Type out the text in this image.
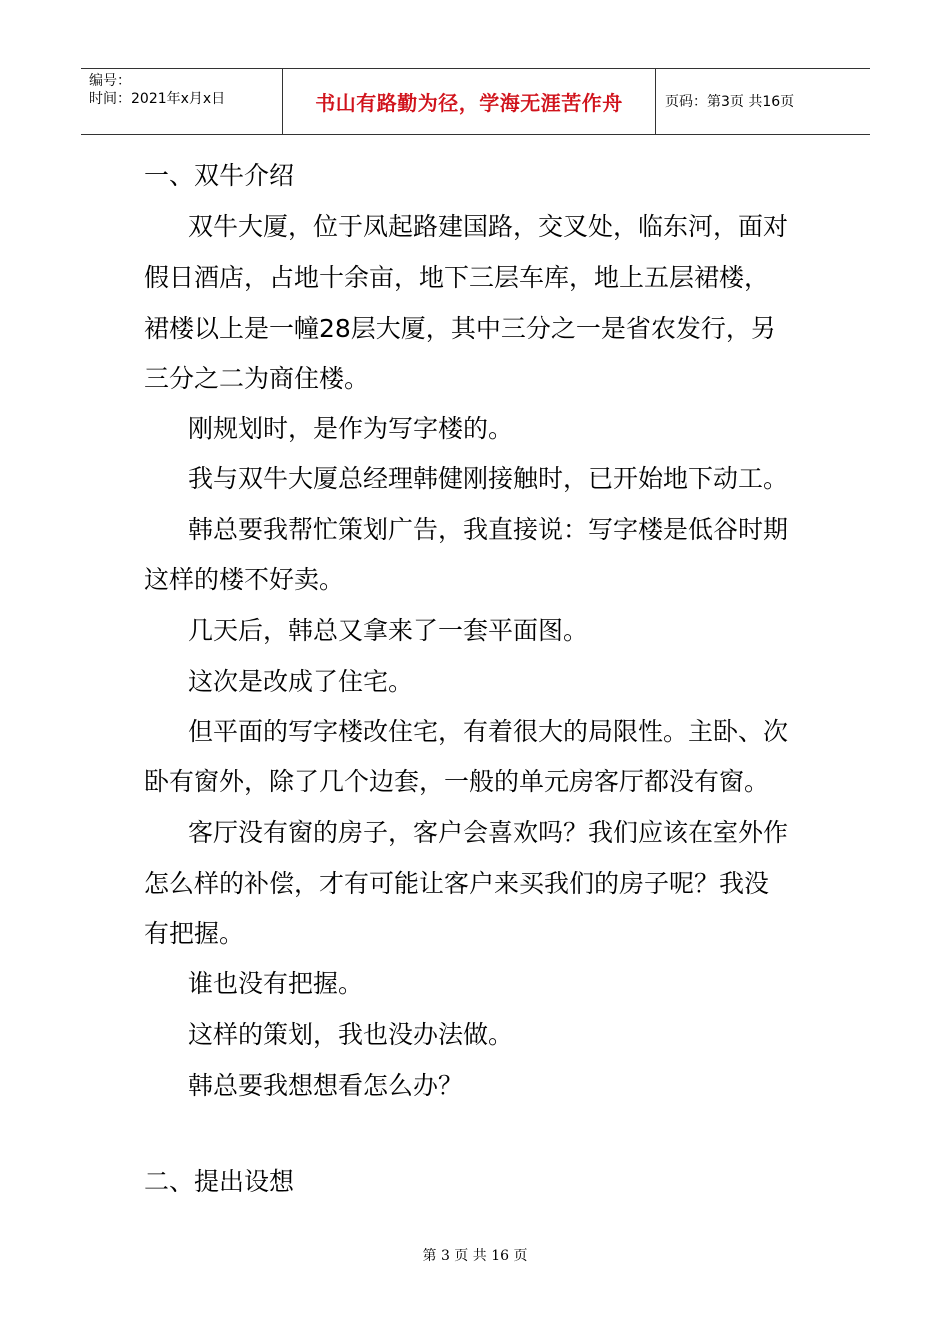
编号：
时间：2021年x月x日	书山有路勤为径，学海无涯苦作舟	页码：第3页 共16页
一、双牛介绍
双牛大厦，位于凤起路建国路，交叉处，临东河，面对
假日酒店，占地十余亩，地下三层车库，地上五层裙楼，
裙楼以上是一幢28层大厦，其中三分之一是省农发行，另
三分之二为商住楼。
刚规划时，是作为写字楼的。
我与双牛大厦总经理韩健刚接触时，已开始地下动工。
韩总要我帮忙策划广告，我直接说：写字楼是低谷时期
这样的楼不好卖。
几天后，韩总又拿来了一套平面图。
这次是改成了住宅。
但平面的写字楼改住宅，有着很大的局限性。主卧、次
卧有窗外，除了几个边套，一般的单元房客厅都没有窗。
客厅没有窗的房子，客户会喜欢吗？我们应该在室外作
怎么样的补偿，才有可能让客户来买我们的房子呢？我没
有把握。
谁也没有把握。
这样的策划，我也没办法做。
韩总要我想想看怎么办？
二、提出设想
第 3 页 共 16 页
